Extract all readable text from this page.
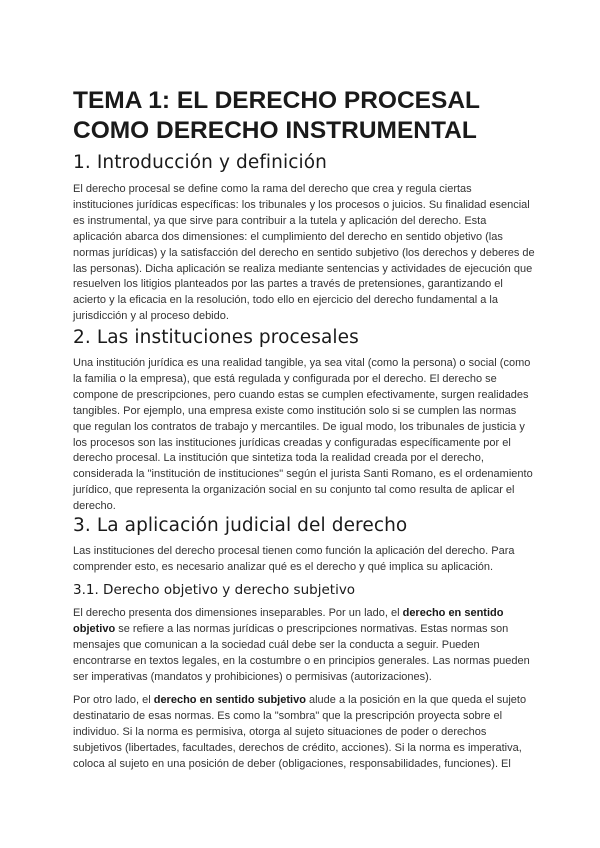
TEMA 1: EL DERECHO PROCESAL COMO DERECHO INSTRUMENTAL
1. Introducción y definición

El derecho procesal se define como la rama del derecho que crea y regula ciertas instituciones jurídicas específicas: los tribunales y los procesos o juicios. Su finalidad esencial es instrumental, ya que sirve para contribuir a la tutela y aplicación del derecho. Esta aplicación abarca dos dimensiones: el cumplimiento del derecho en sentido objetivo (las normas jurídicas) y la satisfacción del derecho en sentido subjetivo (los derechos y deberes de las personas). Dicha aplicación se realiza mediante sentencias y actividades de ejecución que resuelven los litigios planteados por las partes a través de pretensiones, garantizando el acierto y la eficacia en la resolución, todo ello en ejercicio del derecho fundamental a la jurisdicción y al proceso debido.

2. Las instituciones procesales

Una institución jurídica es una realidad tangible, ya sea vital (como la persona) o social (como la familia o la empresa), que está regulada y configurada por el derecho. El derecho se compone de prescripciones, pero cuando estas se cumplen efectivamente, surgen realidades tangibles. Por ejemplo, una empresa existe como institución solo si se cumplen las normas que regulan los contratos de trabajo y mercantiles. De igual modo, los tribunales de justicia y los procesos son las instituciones jurídicas creadas y configuradas específicamente por el derecho procesal. La institución que sintetiza toda la realidad creada por el derecho, considerada la "institución de instituciones" según el jurista Santi Romano, es el ordenamiento jurídico, que representa la organización social en su conjunto tal como resulta de aplicar el derecho.

3. La aplicación judicial del derecho

Las instituciones del derecho procesal tienen como función la aplicación del derecho. Para comprender esto, es necesario analizar qué es el derecho y qué implica su aplicación.

3.1. Derecho objetivo y derecho subjetivo

El derecho presenta dos dimensiones inseparables. Por un lado, el derecho en sentido objetivo se refiere a las normas jurídicas o prescripciones normativas. Estas normas son mensajes que comunican a la sociedad cuál debe ser la conducta a seguir. Pueden encontrarse en textos legales, en la costumbre o en principios generales. Las normas pueden ser imperativas (mandatos y prohibiciones) o permisivas (autorizaciones).

Por otro lado, el derecho en sentido subjetivo alude a la posición en la que queda el sujeto destinatario de esas normas. Es como la "sombra" que la prescripción proyecta sobre el individuo. Si la norma es permisiva, otorga al sujeto situaciones de poder o derechos subjetivos (libertades, facultades, derechos de crédito, acciones). Si la norma es imperativa, coloca al sujeto en una posición de deber (obligaciones, responsabilidades, funciones). El
